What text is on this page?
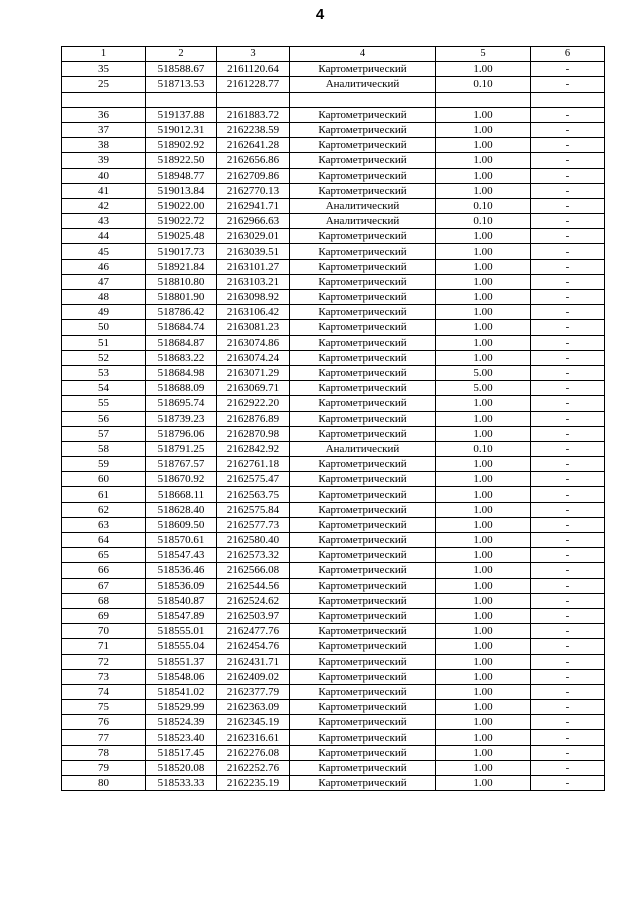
4
1	2	3	4	5	6
35	518588.67	2161120.64	Картометрический	1.00	-
25	518713.53	2161228.77	Аналитический	0.10	-

36	519137.88	2161883.72	Картометрический	1.00	-
37	519012.31	2162238.59	Картометрический	1.00	-
38	518902.92	2162641.28	Картометрический	1.00	-
39	518922.50	2162656.86	Картометрический	1.00	-
40	518948.77	2162709.86	Картометрический	1.00	-
41	519013.84	2162770.13	Картометрический	1.00	-
42	519022.00	2162941.71	Аналитический	0.10	-
43	519022.72	2162966.63	Аналитический	0.10	-
44	519025.48	2163029.01	Картометрический	1.00	-
45	519017.73	2163039.51	Картометрический	1.00	-
46	518921.84	2163101.27	Картометрический	1.00	-
47	518810.80	2163103.21	Картометрический	1.00	-
48	518801.90	2163098.92	Картометрический	1.00	-
49	518786.42	2163106.42	Картометрический	1.00	-
50	518684.74	2163081.23	Картометрический	1.00	-
51	518684.87	2163074.86	Картометрический	1.00	-
52	518683.22	2163074.24	Картометрический	1.00	-
53	518684.98	2163071.29	Картометрический	5.00	-
54	518688.09	2163069.71	Картометрический	5.00	-
55	518695.74	2162922.20	Картометрический	1.00	-
56	518739.23	2162876.89	Картометрический	1.00	-
57	518796.06	2162870.98	Картометрический	1.00	-
58	518791.25	2162842.92	Аналитический	0.10	-
59	518767.57	2162761.18	Картометрический	1.00	-
60	518670.92	2162575.47	Картометрический	1.00	-
61	518668.11	2162563.75	Картометрический	1.00	-
62	518628.40	2162575.84	Картометрический	1.00	-
63	518609.50	2162577.73	Картометрический	1.00	-
64	518570.61	2162580.40	Картометрический	1.00	-
65	518547.43	2162573.32	Картометрический	1.00	-
66	518536.46	2162566.08	Картометрический	1.00	-
67	518536.09	2162544.56	Картометрический	1.00	-
68	518540.87	2162524.62	Картометрический	1.00	-
69	518547.89	2162503.97	Картометрический	1.00	-
70	518555.01	2162477.76	Картометрический	1.00	-
71	518555.04	2162454.76	Картометрический	1.00	-
72	518551.37	2162431.71	Картометрический	1.00	-
73	518548.06	2162409.02	Картометрический	1.00	-
74	518541.02	2162377.79	Картометрический	1.00	-
75	518529.99	2162363.09	Картометрический	1.00	-
76	518524.39	2162345.19	Картометрический	1.00	-
77	518523.40	2162316.61	Картометрический	1.00	-
78	518517.45	2162276.08	Картометрический	1.00	-
79	518520.08	2162252.76	Картометрический	1.00	-
80	518533.33	2162235.19	Картометрический	1.00	-
